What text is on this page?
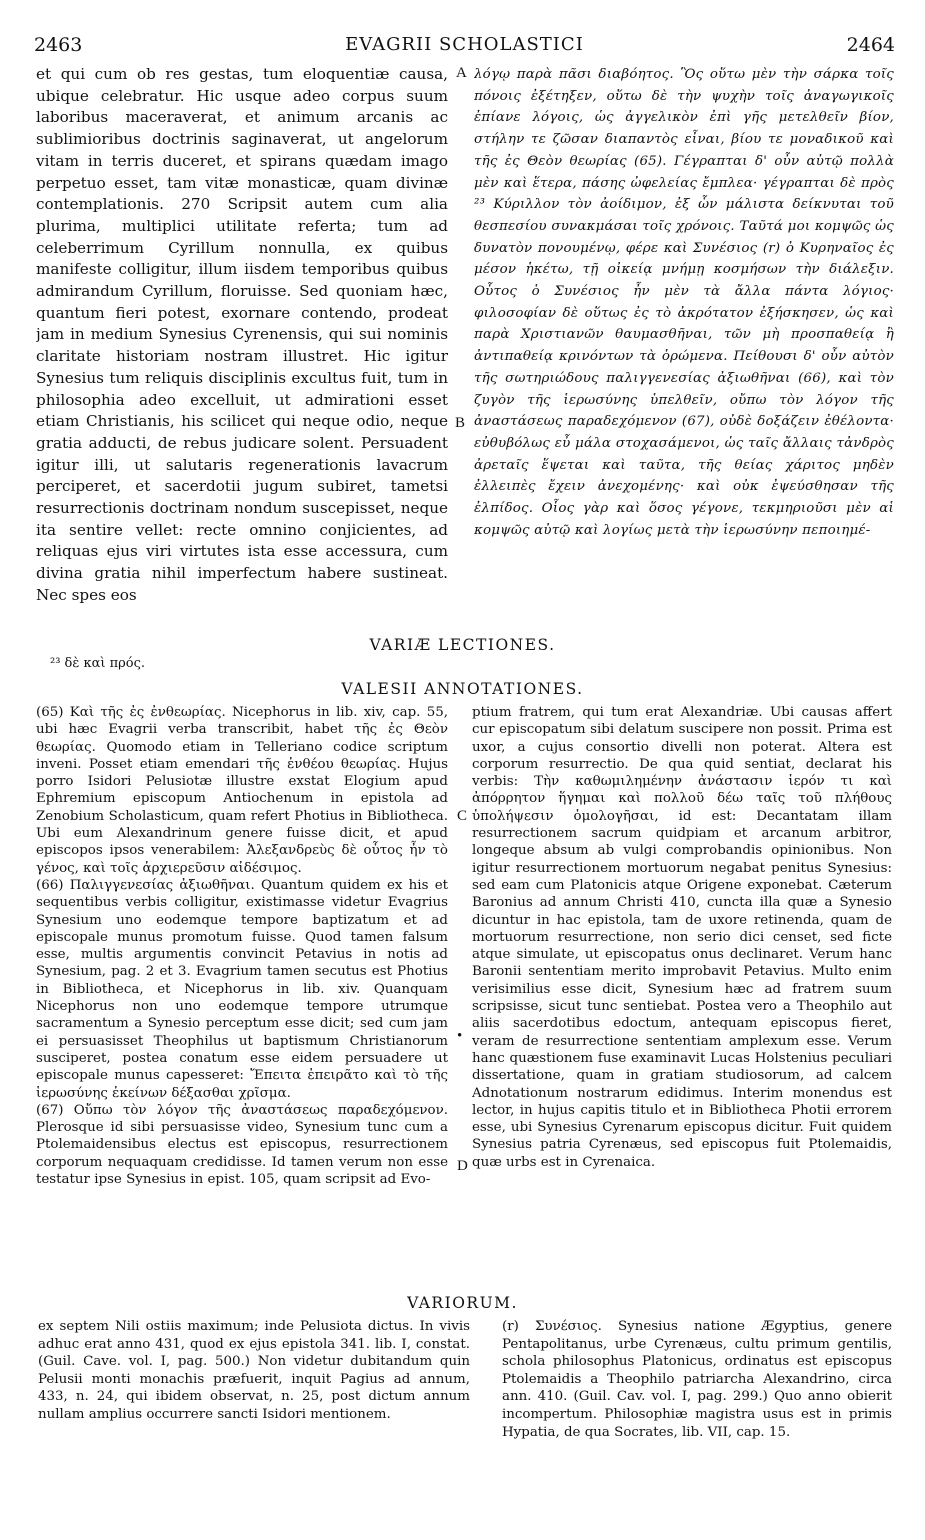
2463	EVAGRII SCHOLASTICI	2464

et qui cum ob res gestas, tum eloquentiæ causa, ubique celebratur. Hic usque adeo corpus suum laboribus maceraverat, et animum arcanis ac sublimioribus doctrinis saginaverat, ut angelorum vitam in terris duceret, et spirans quædam imago perpetuo esset, tam vitæ monasticæ, quam divinæ contemplationis. 270 Scripsit autem cum alia plurima, multiplici utilitate referta; tum ad celeberrimum Cyrillum nonnulla, ex quibus manifeste colligitur, illum iisdem temporibus quibus admirandum Cyrillum, floruisse. Sed quoniam hæc, quantum fieri potest, exornare contendo, prodeat jam in medium Synesius Cyrenensis, qui sui nominis claritate historiam nostram illustret. Hic igitur Synesius tum reliquis disciplinis excultus fuit, tum in philosophia adeo excelluit, ut admirationi esset etiam Christianis, his scilicet qui neque odio, neque gratia adducti, de rebus judicare solent. Persuadent igitur illi, ut salutaris regenerationis lavacrum perciperet, et sacerdotii jugum subiret, tametsi resurrectionis doctrinam nondum suscepisset, neque ita sentire vellet: recte omnino conjicientes, ad reliquas ejus viri virtutes ista esse accessura, cum divina gratia nihil imperfectum habere sustineat. Nec spes eos

A
B

λόγῳ παρὰ πᾶσι διαβόητος. Ὃς οὕτω μὲν τὴν σάρκα τοῖς πόνοις ἐξέτηξεν, οὕτω δὲ τὴν ψυχὴν τοῖς ἀναγωγικοῖς ἐπίανε λόγοις, ὡς ἀγγελικὸν ἐπὶ γῆς μετελθεῖν βίον, στήλην τε ζῶσαν διαπαντὸς εἶναι, βίου τε μοναδικοῦ καὶ τῆς ἐς Θεὸν θεωρίας (65). Γέγραπται δ' οὖν αὐτῷ πολλὰ μὲν καὶ ἕτερα, πάσης ὠφελείας ἔμπλεα· γέγραπται δὲ πρὸς ²³ Κύριλλον τὸν ἀοίδιμον, ἐξ ὧν μάλιστα δείκνυται τοῦ θεσπεσίου συνακμάσαι τοῖς χρόνοις. Ταῦτά μοι κομψῶς ὡς δυνατὸν πονουμένῳ, φέρε καὶ Συνέσιος (r) ὁ Κυρηναῖος ἐς μέσον ἡκέτω, τῇ οἰκείᾳ μνήμῃ κοσμήσων τὴν διάλεξιν. Οὗτος ὁ Συνέσιος ἦν μὲν τὰ ἄλλα πάντα λόγιος· φιλοσοφίαν δὲ οὕτως ἐς τὸ ἀκρότατον ἐξήσκησεν, ὡς καὶ παρὰ Χριστιανῶν θαυμασθῆναι, τῶν μὴ προσπαθείᾳ ἢ ἀντιπαθείᾳ κρινόντων τὰ ὁρώμενα. Πείθουσι δ' οὖν αὐτὸν τῆς σωτηριώδους παλιγγενεσίας ἀξιωθῆναι (66), καὶ τὸν ζυγὸν τῆς ἱερωσύνης ὑπελθεῖν, οὔπω τὸν λόγον τῆς ἀναστάσεως παραδεχόμενον (67), οὐδὲ δοξάζειν ἐθέλοντα· εὐθυβόλως εὖ μάλα στοχασάμενοι, ὡς ταῖς ἄλλαις τἀνδρὸς ἀρεταῖς ἕψεται καὶ ταῦτα, τῆς θείας χάριτος μηδὲν ἐλλειπὲς ἔχειν ἀνεχομένης· καὶ οὐκ ἐψεύσθησαν τῆς ἐλπίδος. Οἷος γὰρ καὶ ὅσος γέγονε, τεκμηριοῦσι μὲν αἱ κομψῶς αὐτῷ καὶ λογίως μετὰ τὴν ἱερωσύνην πεποιημέ-

VARIÆ LECTIONES.
²³ δὲ καὶ πρός.
VALESII ANNOTATIONES.

(65) Καὶ τῆς ἐς ἐνθεωρίας. Nicephorus in lib. xiv, cap. 55, ubi hæc Evagrii verba transcribit, habet τῆς ἐς Θεὸν θεωρίας. Quomodo etiam in Telleriano codice scriptum inveni. Posset etiam emendari τῆς ἐνθέου θεωρίας. Hujus porro Isidori Pelusiotæ illustre exstat Elogium apud Ephremium episcopum Antiochenum in epistola ad Zenobium Scholasticum, quam refert Photius in Bibliotheca. Ubi eum Alexandrinum genere fuisse dicit, et apud episcopos ipsos venerabilem: Ἀλεξανδρεὺς δὲ οὗτος ἦν τὸ γένος, καὶ τοῖς ἀρχιερεῦσιν αἰδέσιμος.

(66) Παλιγγενεσίας ἀξιωθῆναι. Quantum quidem ex his et sequentibus verbis colligitur, existimasse videtur Evagrius Synesium uno eodemque tempore baptizatum et ad episcopale munus promotum fuisse. Quod tamen falsum esse, multis argumentis convincit Petavius in notis ad Synesium, pag. 2 et 3. Evagrium tamen secutus est Photius in Bibliotheca, et Nicephorus in lib. xiv. Quanquam Nicephorus non uno eodemque tempore utrumque sacramentum a Synesio perceptum esse dicit; sed cum jam ei persuasisset Theophilus ut baptismum Christianorum susciperet, postea conatum esse eidem persuadere ut episcopale munus capesseret: Ἔπειτα ἐπειρᾶτο καὶ τὸ τῆς ἱερωσύνης ἐκείνων δέξασθαι χρῖσμα.

(67) Οὔπω τὸν λόγον τῆς ἀναστάσεως παραδεχόμενον. Plerosque id sibi persuasisse video, Synesium tunc cum a Ptolemaidensibus electus est episcopus, resurrectionem corporum nequaquam credidisse. Id tamen verum non esse testatur ipse Synesius in epist. 105, quam scripsit ad Evo-

C
•
D

ptium fratrem, qui tum erat Alexandriæ. Ubi causas affert cur episcopatum sibi delatum suscipere non possit. Prima est uxor, a cujus consortio divelli non poterat. Altera est corporum resurrectio. De qua quid sentiat, declarat his verbis: Τὴν καθωμιλημένην ἀνάστασιν ἱερόν τι καὶ ἀπόρρητον ἥγημαι καὶ πολλοῦ δέω ταῖς τοῦ πλήθους ὑπολήψεσιν ὁμολογῆσαι, id est: Decantatam illam resurrectionem sacrum quidpiam et arcanum arbitror, longeque absum ab vulgi comprobandis opinionibus. Non igitur resurrectionem mortuorum negabat penitus Synesius: sed eam cum Platonicis atque Origene exponebat. Cæterum Baronius ad annum Christi 410, cuncta illa quæ a Synesio dicuntur in hac epistola, tam de uxore retinenda, quam de mortuorum resurrectione, non serio dici censet, sed ficte atque simulate, ut episcopatus onus declinaret. Verum hanc Baronii sententiam merito improbavit Petavius. Multo enim verisimilius esse dicit, Synesium hæc ad fratrem suum scripsisse, sicut tunc sentiebat. Postea vero a Theophilo aut aliis sacerdotibus edoctum, antequam episcopus fieret, veram de resurrectione sententiam amplexum esse. Verum hanc quæstionem fuse examinavit Lucas Holstenius peculiari dissertatione, quam in gratiam studiosorum, ad calcem Adnotationum nostrarum edidimus. Interim monendus est lector, in hujus capitis titulo et in Bibliotheca Photii errorem esse, ubi Synesius Cyrenarum episcopus dicitur. Fuit quidem Synesius patria Cyrenæus, sed episcopus fuit Ptolemaidis, quæ urbs est in Cyrenaica.

VARIORUM.

ex septem Nili ostiis maximum; inde Pelusiota dictus. In vivis adhuc erat anno 431, quod ex ejus epistola 341. lib. I, constat. (Guil. Cave. vol. I, pag. 500.) Non videtur dubitandum quin Pelusii monti monachis præfuerit, inquit Pagius ad annum, 433, n. 24, qui ibidem observat, n. 25, post dictum annum nullam amplius occurrere sancti Isidori mentionem.

(r) Συνέσιος. Synesius natione Ægyptius, genere Pentapolitanus, urbe Cyrenæus, cultu primum gentilis, schola philosophus Platonicus, ordinatus est episcopus Ptolemaidis a Theophilo patriarcha Alexandrino, circa ann. 410. (Guil. Cav. vol. I, pag. 299.) Quo anno obierit incompertum. Philosophiæ magistra usus est in primis Hypatia, de qua Socrates, lib. VII, cap. 15.
